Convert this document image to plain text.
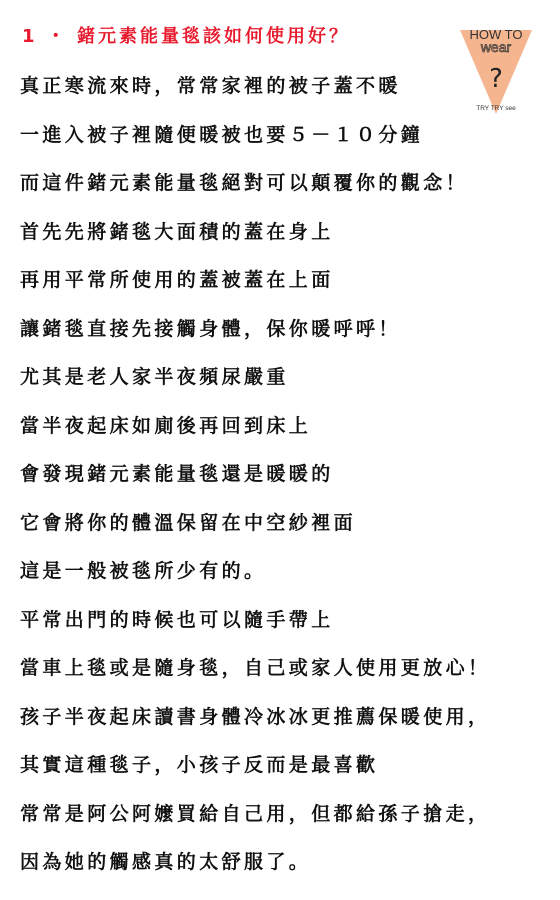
1 ・ 鍺元素能量毯該如何使用好？	HOW TO
wear
?
TRY TRY see
真正寒流來時，常常家裡的被子蓋不暖
一進入被子裡隨便暖被也要５－１０分鐘
而這件鍺元素能量毯絕對可以顛覆你的觀念！
首先先將鍺毯大面積的蓋在身上
再用平常所使用的蓋被蓋在上面
讓鍺毯直接先接觸身體，保你暖呼呼！
尤其是老人家半夜頻尿嚴重
當半夜起床如廁後再回到床上
會發現鍺元素能量毯還是暖暖的
它會將你的體溫保留在中空紗裡面
這是一般被毯所少有的。
平常出門的時候也可以隨手帶上
當車上毯或是隨身毯，自己或家人使用更放心！
孩子半夜起床讀書身體冷冰冰更推薦保暖使用，
其實這種毯子，小孩子反而是最喜歡
常常是阿公阿嬤買給自己用，但都給孫子搶走，
因為她的觸感真的太舒服了。
